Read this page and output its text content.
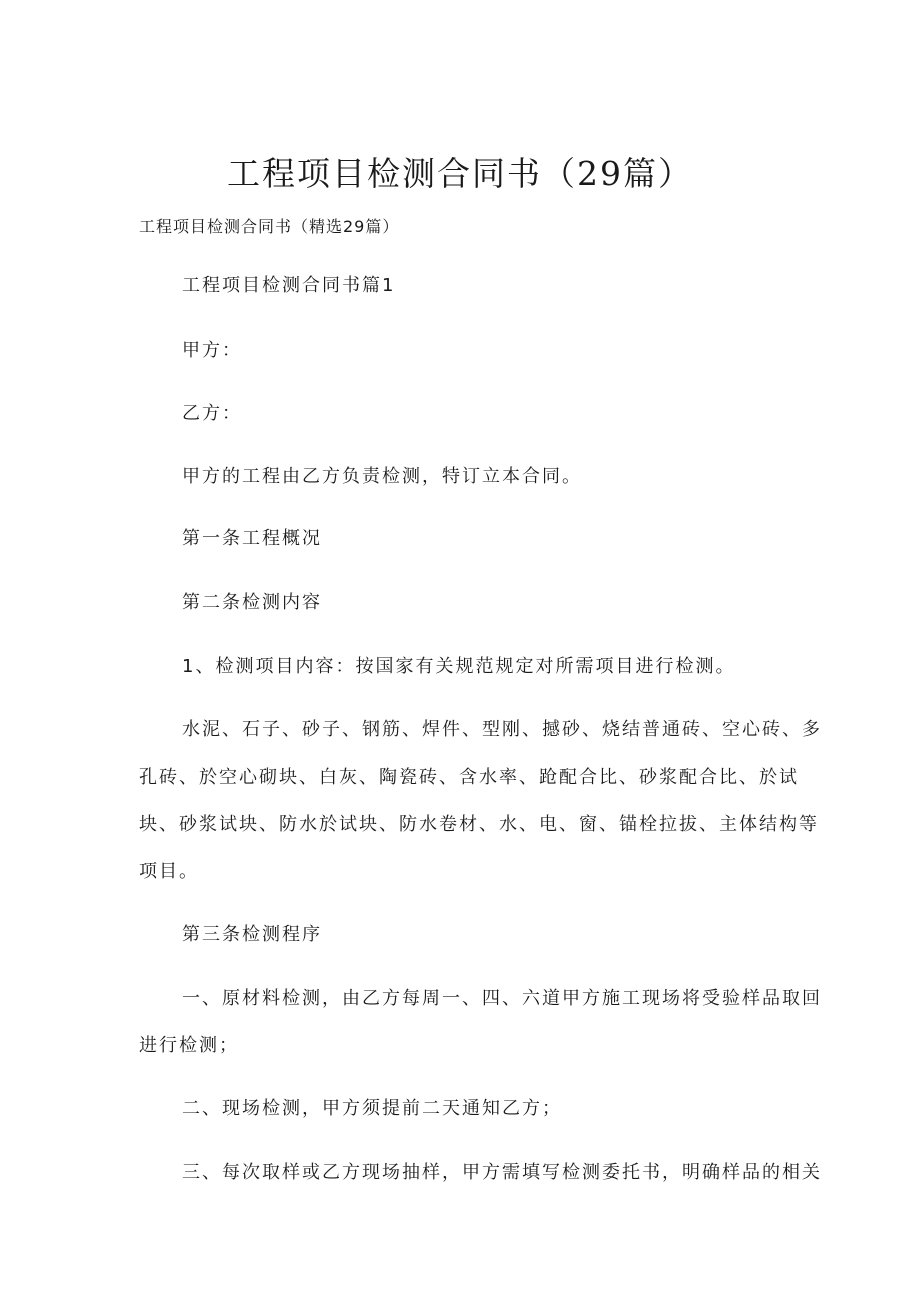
工程项目检测合同书（29篇）
工程项目检测合同书（精选29篇）
工程项目检测合同书篇1
甲方：
乙方：
甲方的工程由乙方负责检测，特订立本合同。
第一条工程概况
第二条检测内容
1、检测项目内容：按国家有关规范规定对所需项目进行检测。
水泥、石子、砂子、钢筋、焊件、型刚、撼砂、烧结普通砖、空心砖、多
孔砖、於空心砌块、白灰、陶瓷砖、含水率、跄配合比、砂浆配合比、於试
块、砂浆试块、防水於试块、防水卷材、水、电、窗、锚栓拉拔、主体结构等
项目。
第三条检测程序
一、原材料检测，由乙方每周一、四、六道甲方施工现场将受验样品取回
进行检测；
二、现场检测，甲方须提前二天通知乙方；
三、每次取样或乙方现场抽样，甲方需填写检测委托书，明确样品的相关
